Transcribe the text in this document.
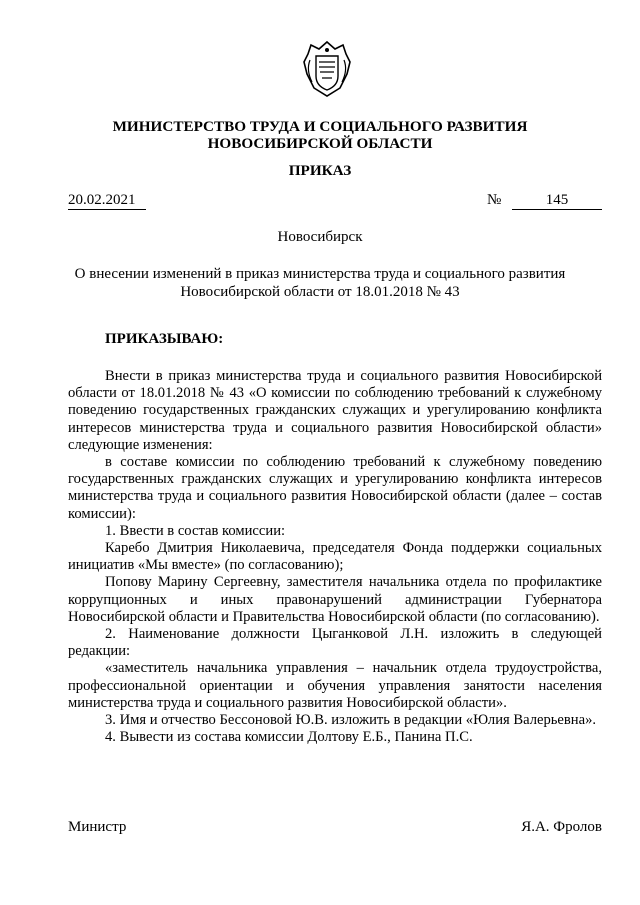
МИНИСТЕРСТВО ТРУДА И СОЦИАЛЬНОГО РАЗВИТИЯ
НОВОСИБИРСКОЙ ОБЛАСТИ
ПРИКАЗ
20.02.2021	№	145
Новосибирск
О внесении изменений в приказ министерства труда и социального развития
Новосибирской области от 18.01.2018 № 43
ПРИКАЗЫВАЮ:

Внести в приказ министерства труда и социального развития Новосибирской области от 18.01.2018 № 43 «О комиссии по соблюдению требований к служебному поведению государственных гражданских служащих и урегулированию конфликта интересов министерства труда и социального развития Новосибирской области» следующие изменения:

в составе комиссии по соблюдению требований к служебному поведению государственных гражданских служащих и урегулированию конфликта интересов министерства труда и социального развития Новосибирской области (далее – состав комиссии):

1. Ввести в состав комиссии:

Каребо Дмитрия Николаевича, председателя Фонда поддержки социальных инициатив «Мы вместе» (по согласованию);

Попову Марину Сергеевну, заместителя начальника отдела по профилактике коррупционных и иных правонарушений администрации Губернатора Новосибирской области и Правительства Новосибирской области (по согласованию).

2. Наименование должности Цыганковой Л.Н. изложить в следующей редакции:

«заместитель начальника управления – начальник отдела трудоустройства, профессиональной ориентации и обучения управления занятости населения министерства труда и социального развития Новосибирской области».

3. Имя и отчество Бессоновой Ю.В. изложить в редакции «Юлия Валерьевна».

4. Вывести из состава комиссии Долтову Е.Б., Панина П.С.

Министр	Я.А. Фролов
